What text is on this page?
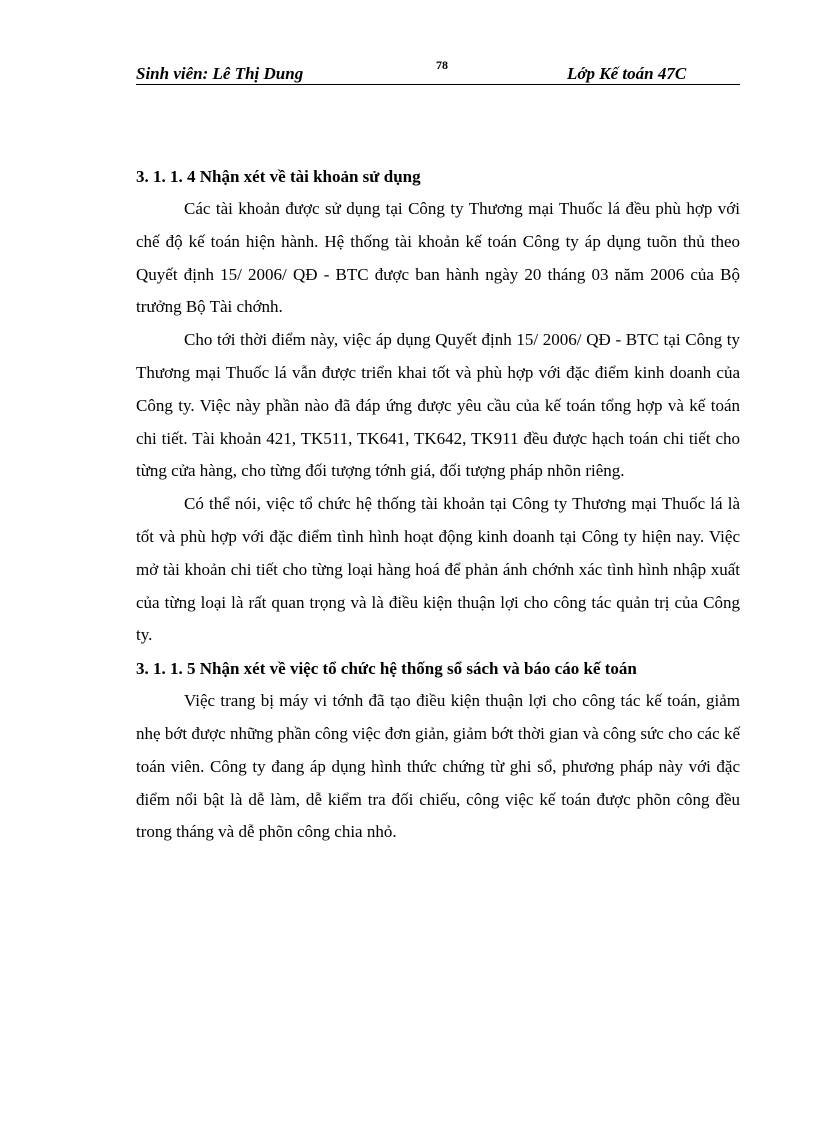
Sinh viên: Lê Thị Dung	78	Lớp Kế toán 47C

3. 1. 1. 4 Nhận xét về tài khoản sử dụng

Các tài khoản được sử dụng tại Công ty Thương mại Thuốc lá đều phù hợp với chế độ kế toán hiện hành. Hệ thống tài khoản kế toán Công ty áp dụng tuõn thủ theo Quyết định 15/ 2006/ QĐ - BTC được ban hành ngày 20 tháng 03 năm 2006 của Bộ trưởng Bộ Tài chớnh.

Cho tới thời điểm này, việc áp dụng Quyết định 15/ 2006/ QĐ - BTC tại Công ty Thương mại Thuốc lá vẫn được triển khai tốt và phù hợp với đặc điểm kinh doanh của Công ty. Việc này phần nào đã đáp ứng được yêu cầu của kế toán tổng hợp và kế toán chi tiết. Tài khoản 421, TK511, TK641, TK642, TK911 đều được hạch toán chi tiết cho từng cửa hàng, cho từng đối tượng tớnh giá, đối tượng pháp nhõn riêng.

Có thể nói, việc tổ chức hệ thống tài khoản tại Công ty Thương mại Thuốc lá là tốt và phù hợp với đặc điểm tình hình hoạt động kinh doanh tại Công ty hiện nay. Việc mở tài khoản chi tiết cho từng loại hàng hoá để phản ánh chớnh xác tình hình nhập xuất của từng loại là rất quan trọng và là điều kiện thuận lợi cho công tác quản trị của Công ty.

3. 1. 1. 5 Nhận xét về việc tổ chức hệ thống sổ sách và báo cáo kế toán

Việc trang bị máy vi tớnh đã tạo điều kiện thuận lợi cho công tác kế toán, giảm nhẹ bớt được những phần công việc đơn giản, giảm bớt thời gian và công sức cho các kế toán viên. Công ty đang áp dụng hình thức chứng từ ghi sổ, phương pháp này với đặc điểm nổi bật là dễ làm, dễ kiểm tra đối chiếu, công việc kế toán được phõn công đều trong tháng và dễ phõn công chia nhỏ.
